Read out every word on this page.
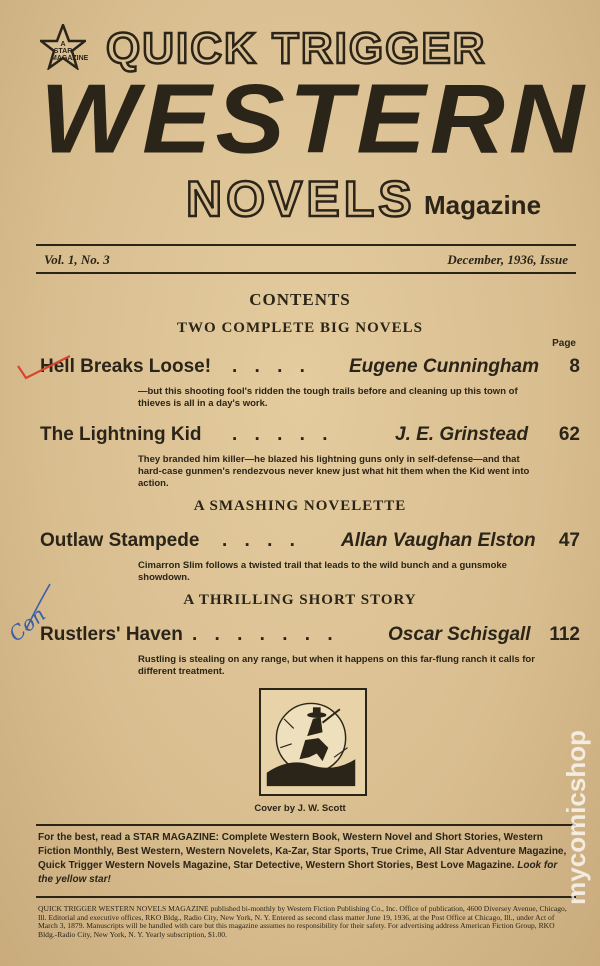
A STAR MAGAZINE QUICK TRIGGER
WESTERN
NOVELS Magazine
Vol. 1, No. 3	December, 1936, Issue
CONTENTS
Page
TWO COMPLETE BIG NOVELS
Hell Breaks Loose! . . . . Eugene Cunningham 8
—but this shooting fool's ridden the tough trails before and cleaning up this town of thieves is all in a day's work.
The Lightning Kid . . . . .	J. E. Grinstead 62
They branded him killer—he blazed his lightning guns only in self-defense—and that hard-case gunmen's rendezvous never knew just what hit them when the Kid went into action.
A SMASHING NOVELETTE
Outlaw Stampede . . . . Allan Vaughan Elston 47
Cimarron Slim follows a twisted trail that leads to the wild bunch and a gunsmoke showdown.
A THRILLING SHORT STORY
Rustlers' Haven . . . . . . .	Oscar Schisgall 112
Rustling is stealing on any range, but when it happens on this far-flung ranch it calls for different treatment.
Cover by J. W. Scott
For the best, read a STAR MAGAZINE: Complete Western Book, Western Novel and Short Stories, Western Fiction Monthly, Best Western, Western Novelets, Ka-Zar, Star Sports, True Crime, All Star Adventure Magazine, Quick Trigger Western Novels Magazine, Star Detective, Western Short Stories, Best Love Magazine. Look for the yellow star!
QUICK TRIGGER WESTERN NOVELS MAGAZINE published bi-monthly by Western Fiction Publishing Co., Inc. Office of publication, 4600 Diversey Avenue, Chicago, Ill. Editorial and executive offices, RKO Bldg., Radio City, New York, N. Y. Entered as second class matter June 19, 1936, at the Post Office at Chicago, Ill., under Act of March 3, 1879. Manuscripts will be handled with care but this magazine assumes no responsibility for their safety. For advertising address American Fiction Group, RKO Bldg.-Radio City, New York, N. Y. Yearly subscription, $1.00.
Con
mycomicshop
